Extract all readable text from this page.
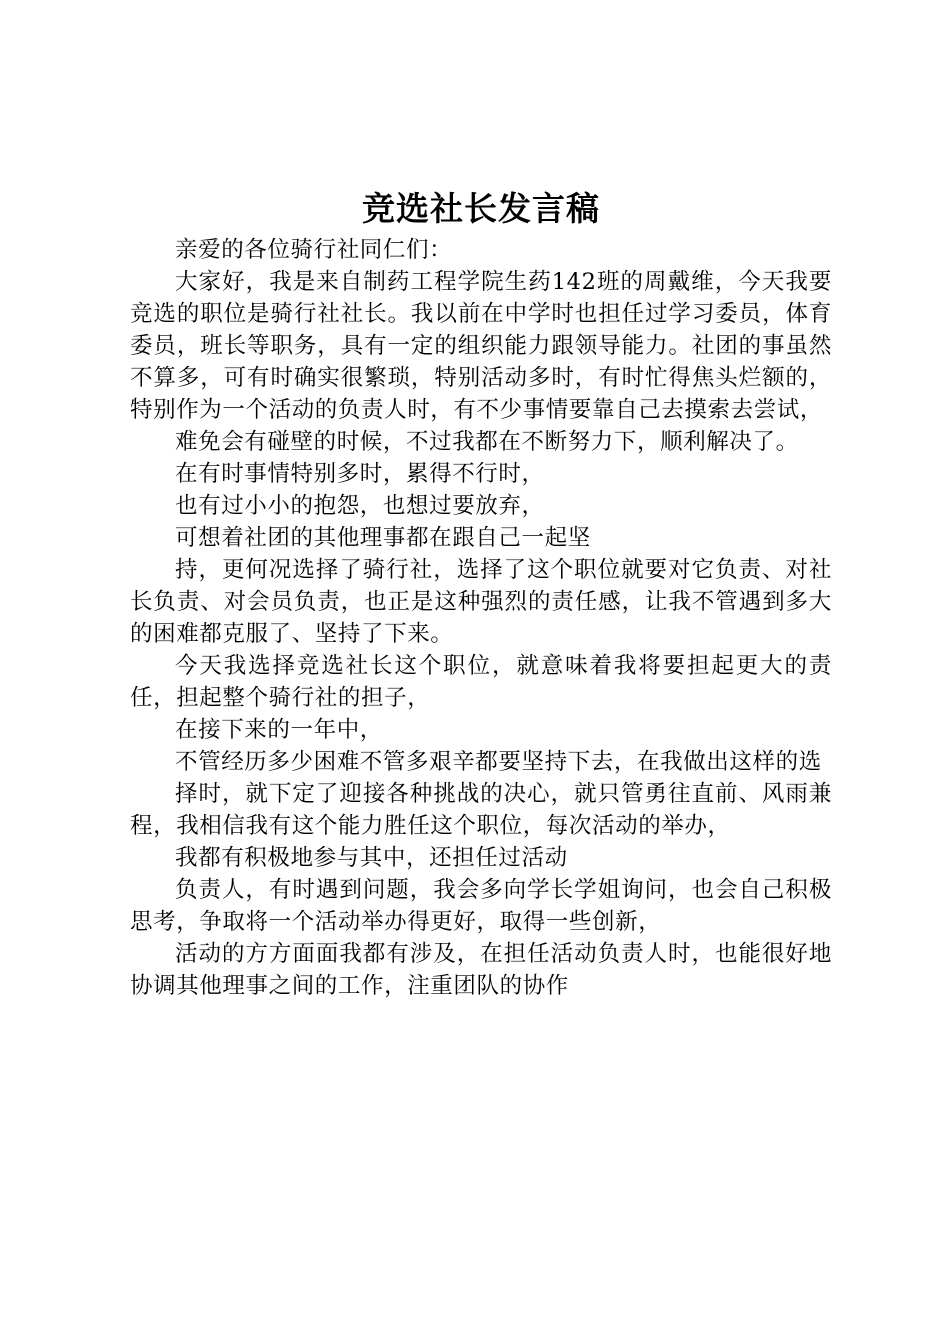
竞选社长发言稿

亲爱的各位骑行社同仁们：

大家好，我是来自制药工程学院生药142班的周戴维，今天我要竞选的职位是骑行社社长。我以前在中学时也担任过学习委员，体育委员，班长等职务，具有一定的组织能力跟领导能力。社团的事虽然不算多，可有时确实很繁琐，特别活动多时，有时忙得焦头烂额的，特别作为一个活动的负责人时，有不少事情要靠自己去摸索去尝试，

难免会有碰壁的时候，不过我都在不断努力下，顺利解决了。

在有时事情特别多时，累得不行时，

也有过小小的抱怨，也想过要放弃，

可想着社团的其他理事都在跟自己一起坚

持，更何况选择了骑行社，选择了这个职位就要对它负责、对社长负责、对会员负责，也正是这种强烈的责任感，让我不管遇到多大的困难都克服了、坚持了下来。

今天我选择竞选社长这个职位，就意味着我将要担起更大的责任，担起整个骑行社的担子，

在接下来的一年中，

不管经历多少困难不管多艰辛都要坚持下去，在我做出这样的选

择时，就下定了迎接各种挑战的决心，就只管勇往直前、风雨兼程，我相信我有这个能力胜任这个职位，每次活动的举办，

我都有积极地参与其中，还担任过活动

负责人，有时遇到问题，我会多向学长学姐询问，也会自己积极思考，争取将一个活动举办得更好，取得一些创新，

活动的方方面面我都有涉及，在担任活动负责人时，也能很好地协调其他理事之间的工作，注重团队的协作
